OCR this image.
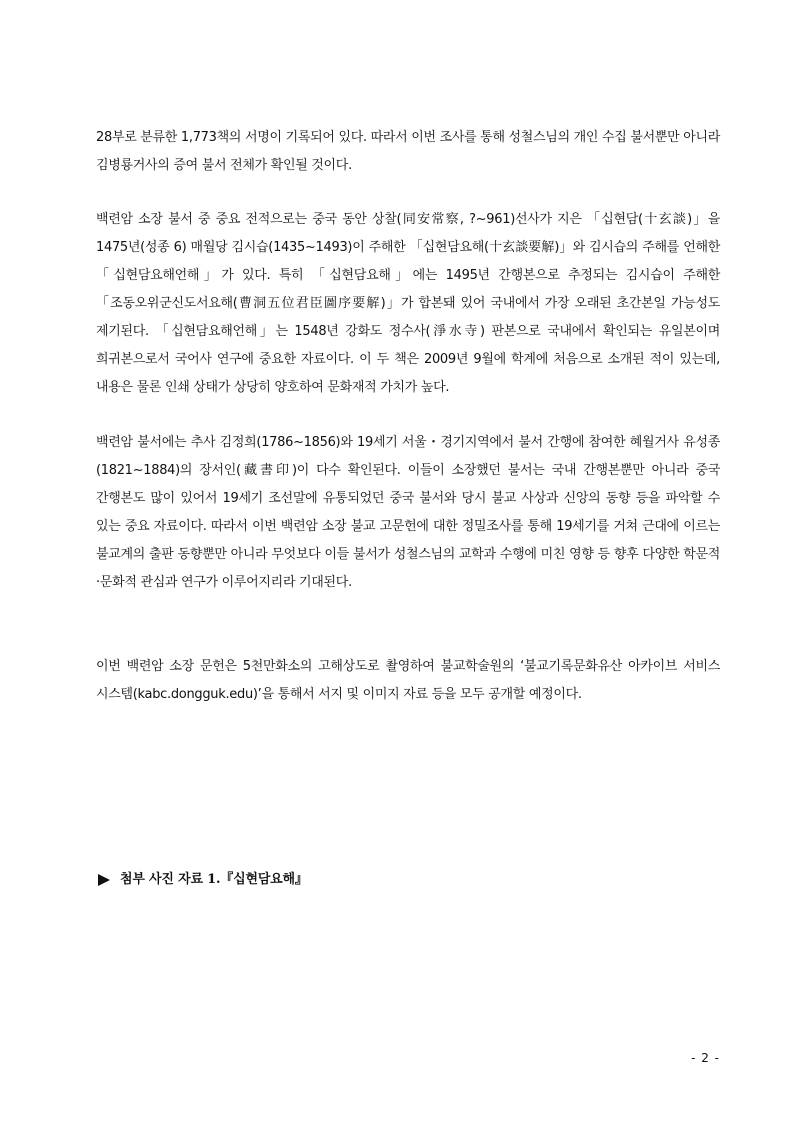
28부로 분류한 1,773책의 서명이 기록되어 있다. 따라서 이번 조사를 통해 성철스님의 개인 수집 불서뿐만 아니라 김병룡거사의 증여 불서 전체가 확인될 것이다.

백련암 소장 불서 중 중요 전적으로는 중국 동안 상찰(同安常察, ?~961)선사가 지은 「십현담(十玄談)」을 1475년(성종 6) 매월당 김시습(1435~1493)이 주해한 「십현담요해(十玄談要解)」와 김시습의 주해를 언해한 「십현담요해언해」가 있다. 특히 「십현담요해」에는 1495년 간행본으로 추정되는 김시습이 주해한 「조동오위군신도서요해(曹洞五位君臣圖序要解)」가 합본돼 있어 국내에서 가장 오래된 초간본일 가능성도 제기된다. 「십현담요해언해」는 1548년 강화도 정수사(淨水寺) 판본으로 국내에서 확인되는 유일본이며 희귀본으로서 국어사 연구에 중요한 자료이다. 이 두 책은 2009년 9월에 학계에 처음으로 소개된 적이 있는데, 내용은 물론 인쇄 상태가 상당히 양호하여 문화재적 가치가 높다.

백련암 불서에는 추사 김정희(1786~1856)와 19세기 서울・경기지역에서 불서 간행에 참여한 혜월거사 유성종(1821~1884)의 장서인(藏書印)이 다수 확인된다. 이들이 소장했던 불서는 국내 간행본뿐만 아니라 중국 간행본도 많이 있어서 19세기 조선말에 유통되었던 중국 불서와 당시 불교 사상과 신앙의 동향 등을 파악할 수 있는 중요 자료이다. 따라서 이번 백련암 소장 불교 고문헌에 대한 정밀조사를 통해 19세기를 거쳐 근대에 이르는 불교계의 출판 동향뿐만 아니라 무엇보다 이들 불서가 성철스님의 교학과 수행에 미친 영향 등 향후 다양한 학문적·문화적 관심과 연구가 이루어지리라 기대된다.

이번 백련암 소장 문헌은 5천만화소의 고해상도로 촬영하여 불교학술원의 ‘불교기록문화유산 아카이브 서비스 시스템(kabc.dongguk.edu)’을 통해서 서지 및 이미지 자료 등을 모두 공개할 예정이다.

첨부 사진 자료 1.『십현담요해』
- 2 -
